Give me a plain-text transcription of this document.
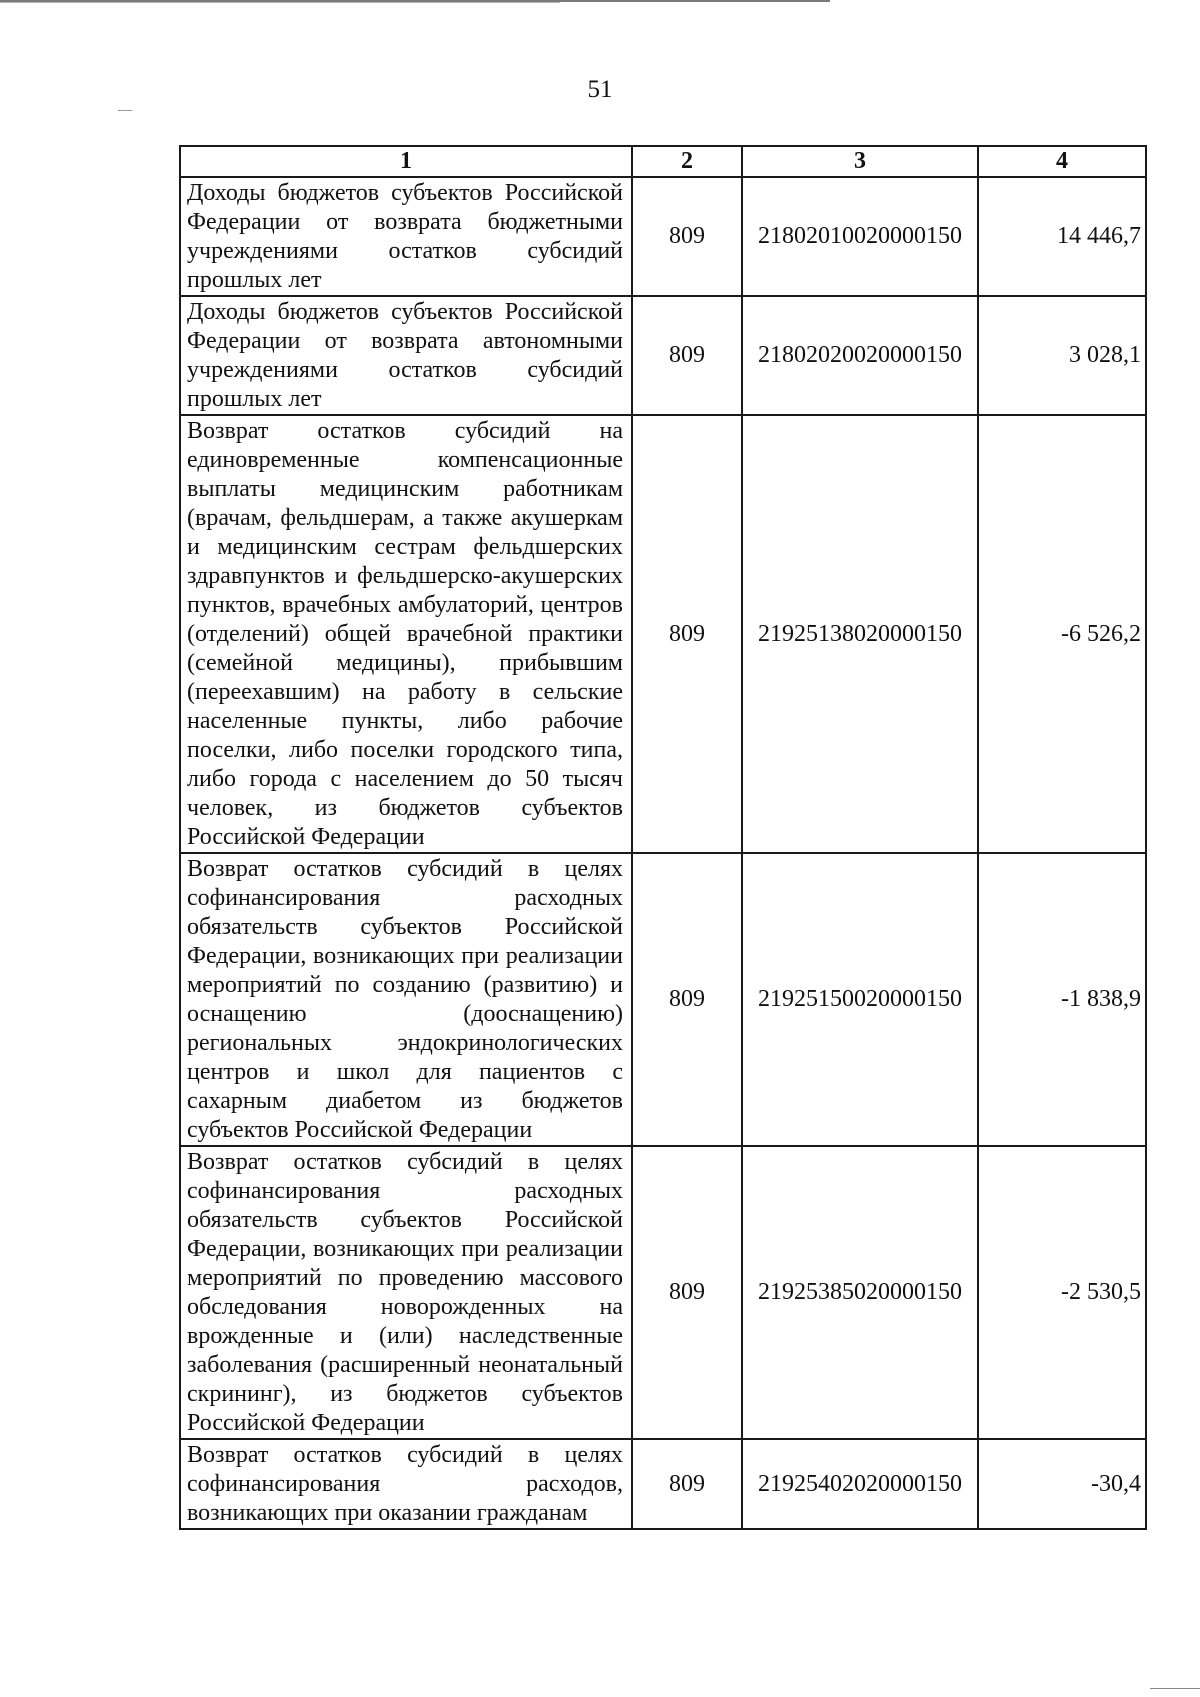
51
1	2	3	4
Доходы бюджетов субъектов Российской Федерации от возврата бюджетными учреждениями остатков субсидий прошлых лет	809	21802010020000150	14 446,7
Доходы бюджетов субъектов Российской Федерации от возврата автономными учреждениями остатков субсидий прошлых лет	809	21802020020000150	3 028,1
Возврат остатков субсидий на единовременные компенсационные выплаты медицинским работникам (врачам, фельдшерам, а также акушеркам и медицинским сестрам фельдшерских здравпунктов и фельдшерско-акушерских пунктов, врачебных амбулаторий, центров (отделений) общей врачебной практики (семейной медицины), прибывшим (переехавшим) на работу в сельские населенные пункты, либо рабочие поселки, либо поселки городского типа, либо города с населением до 50 тысяч человек, из бюджетов субъектов Российской Федерации	809	21925138020000150	-6 526,2
Возврат остатков субсидий в целях софинансирования расходных обязательств субъектов Российской Федерации, возникающих при реализации мероприятий по созданию (развитию) и оснащению (дооснащению) региональных эндокринологических центров и школ для пациентов с сахарным диабетом из бюджетов субъектов Российской Федерации	809	21925150020000150	-1 838,9
Возврат остатков субсидий в целях софинансирования расходных обязательств субъектов Российской Федерации, возникающих при реализации мероприятий по проведению массового обследования новорожденных на врожденные и (или) наследственные заболевания (расширенный неонатальный скрининг), из бюджетов субъектов Российской Федерации	809	21925385020000150	-2 530,5
Возврат остатков субсидий в целях софинансирования расходов, возникающих при оказании гражданам	809	21925402020000150	-30,4
